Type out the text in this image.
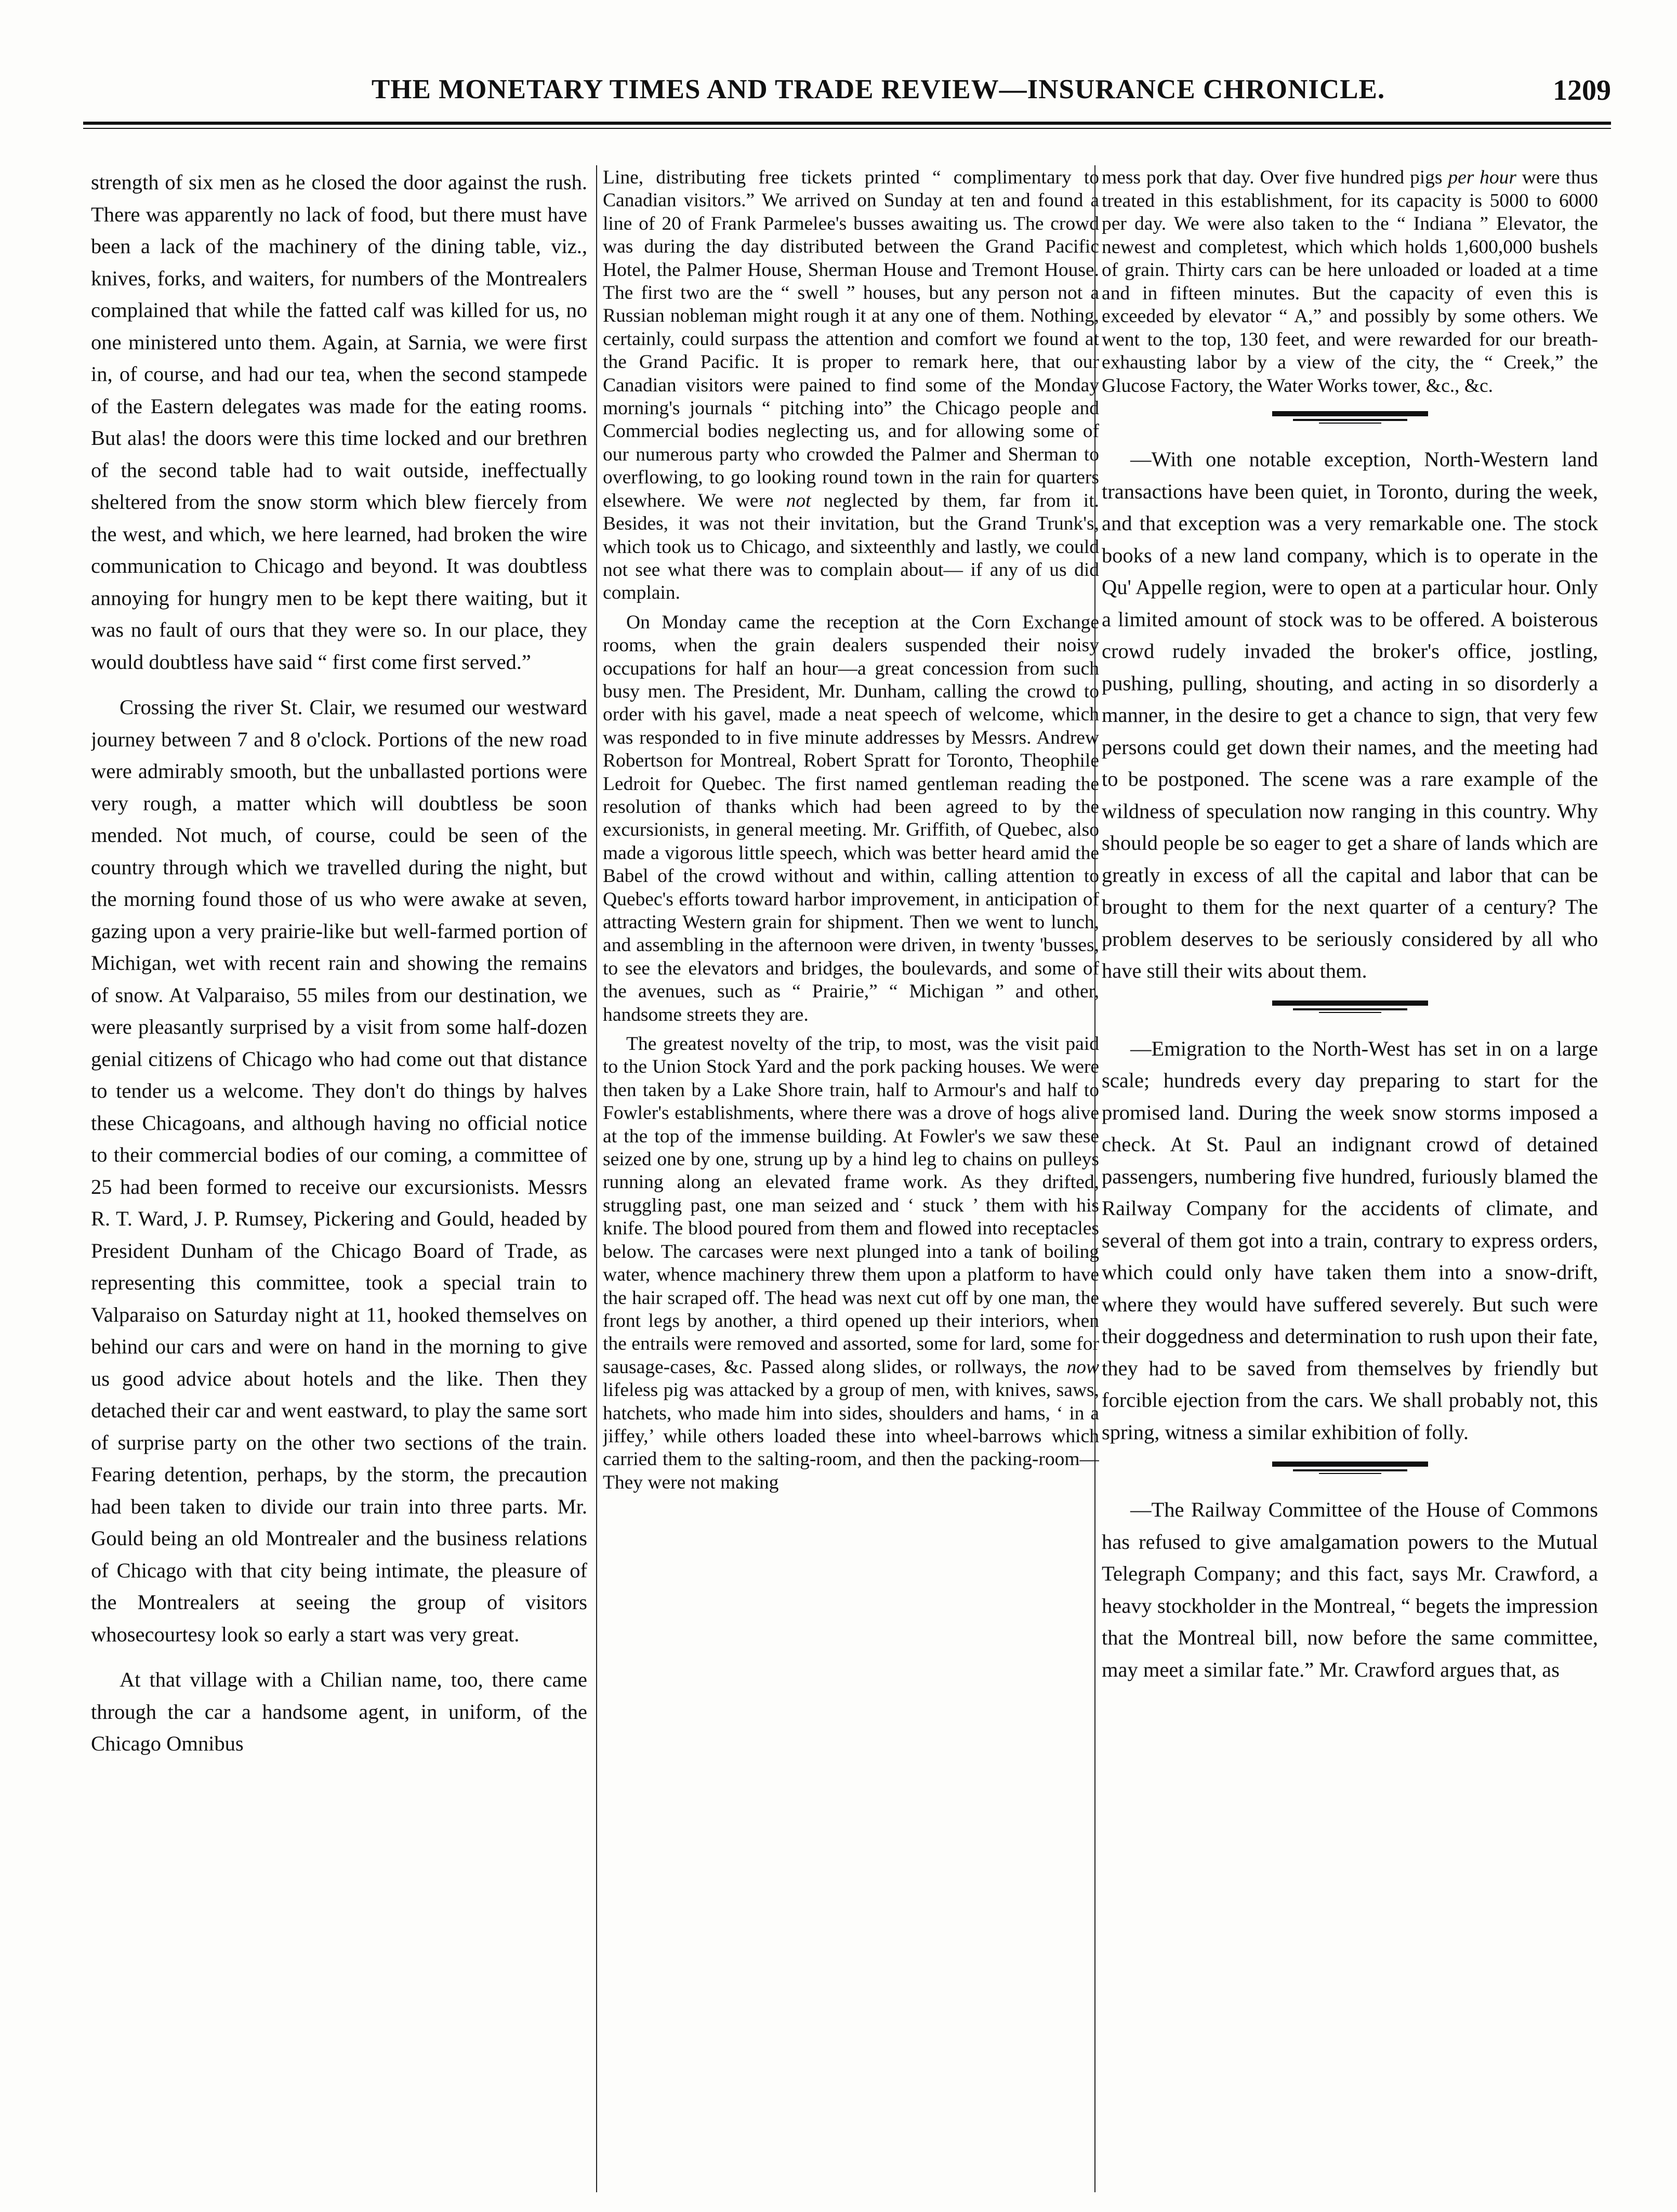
THE MONETARY TIMES AND TRADE REVIEW—INSURANCE CHRONICLE.	1209

strength of six men as he closed the door against the rush. There was apparently no lack of food, but there must have been a lack of the machinery of the dining table, viz., knives, forks, and waiters, for numbers of the Montrealers complained that while the fatted calf was killed for us, no one ministered unto them. Again, at Sarnia, we were first in, of course, and had our tea, when the second stampede of the Eastern delegates was made for the eating rooms. But alas! the doors were this time locked and our brethren of the second table had to wait outside, ineffectually sheltered from the snow storm which blew fiercely from the west, and which, we here learned, had broken the wire communication to Chicago and beyond. It was doubtless annoying for hungry men to be kept there waiting, but it was no fault of ours that they were so. In our place, they would doubtless have said “ first come first served.”

Crossing the river St. Clair, we resumed our westward journey between 7 and 8 o'clock. Portions of the new road were admirably smooth, but the unballasted portions were very rough, a matter which will doubtless be soon mended. Not much, of course, could be seen of the country through which we travelled during the night, but the morning found those of us who were awake at seven, gazing upon a very prairie-like but well-farmed portion of Michigan, wet with recent rain and showing the remains of snow. At Valparaiso, 55 miles from our destination, we were pleasantly surprised by a visit from some half-dozen genial citizens of Chicago who had come out that distance to tender us a welcome. They don't do things by halves these Chicagoans, and although having no official notice to their commercial bodies of our coming, a committee of 25 had been formed to receive our excursionists. Messrs R. T. Ward, J. P. Rumsey, Pickering and Gould, headed by President Dunham of the Chicago Board of Trade, as representing this committee, took a special train to Valparaiso on Saturday night at 11, hooked themselves on behind our cars and were on hand in the morning to give us good advice about hotels and the like. Then they detached their car and went eastward, to play the same sort of surprise party on the other two sections of the train. Fearing detention, perhaps, by the storm, the precaution had been taken to divide our train into three parts. Mr. Gould being an old Montrealer and the business relations of Chicago with that city being intimate, the pleasure of the Montrealers at seeing the group of visitors whosecourtesy look so early a start was very great.

At that village with a Chilian name, too, there came through the car a handsome agent, in uniform, of the Chicago Omnibus

Line, distributing free tickets printed “ complimentary to Canadian visitors.” We arrived on Sunday at ten and found a line of 20 of Frank Parmelee's busses awaiting us. The crowd was during the day distributed between the Grand Pacific Hotel, the Palmer House, Sherman House and Tremont House. The first two are the “ swell ” houses, but any person not a Russian nobleman might rough it at any one of them. Nothing, certainly, could surpass the attention and comfort we found at the Grand Pacific. It is proper to remark here, that our Canadian visitors were pained to find some of the Monday morning's journals “ pitching into” the Chicago people and Commercial bodies neglecting us, and for allowing some of our numerous party who crowded the Palmer and Sherman to overflowing, to go looking round town in the rain for quarters elsewhere. We were not neglected by them, far from it. Besides, it was not their invitation, but the Grand Trunk's, which took us to Chicago, and sixteenthly and lastly, we could not see what there was to complain about— if any of us did complain.

On Monday came the reception at the Corn Exchange rooms, when the grain dealers suspended their noisy occupations for half an hour—a great concession from such busy men. The President, Mr. Dunham, calling the crowd to order with his gavel, made a neat speech of welcome, which was responded to in five minute addresses by Messrs. Andrew Robertson for Montreal, Robert Spratt for Toronto, Theophile Ledroit for Quebec. The first named gentleman reading the resolution of thanks which had been agreed to by the excursionists, in general meeting. Mr. Griffith, of Quebec, also made a vigorous little speech, which was better heard amid the Babel of the crowd without and within, calling attention to Quebec's efforts toward harbor improvement, in anticipation of attracting Western grain for shipment. Then we went to lunch, and assembling in the afternoon were driven, in twenty 'busses, to see the elevators and bridges, the boulevards, and some of the avenues, such as “ Prairie,” “ Michigan ” and other, handsome streets they are.

The greatest novelty of the trip, to most, was the visit paid to the Union Stock Yard and the pork packing houses. We were then taken by a Lake Shore train, half to Armour's and half to Fowler's establishments, where there was a drove of hogs alive at the top of the immense building. At Fowler's we saw these seized one by one, strung up by a hind leg to chains on pulleys running along an elevated frame work. As they drifted, struggling past, one man seized and ‘ stuck ’ them with his knife. The blood poured from them and flowed into receptacles below. The carcases were next plunged into a tank of boiling water, whence machinery threw them upon a platform to have the hair scraped off. The head was next cut off by one man, the front legs by another, a third opened up their interiors, when the entrails were removed and assorted, some for lard, some for sausage-cases, &c. Passed along slides, or rollways, the now lifeless pig was attacked by a group of men, with knives, saws, hatchets, who made him into sides, shoulders and hams, ‘ in a jiffey,’ while others loaded these into wheel-barrows which carried them to the salting-room, and then the packing-room—They were not making

mess pork that day. Over five hundred pigs per hour were thus treated in this establishment, for its capacity is 5000 to 6000 per day. We were also taken to the “ Indiana ” Elevator, the newest and completest, which which holds 1,600,000 bushels of grain. Thirty cars can be here unloaded or loaded at a time and in fifteen minutes. But the capacity of even this is exceeded by elevator “ A,” and possibly by some others. We went to the top, 130 feet, and were rewarded for our breath-exhausting labor by a view of the city, the “ Creek,” the Glucose Factory, the Water Works tower, &c., &c.

—With one notable exception, North-Western land transactions have been quiet, in Toronto, during the week, and that exception was a very remarkable one. The stock books of a new land company, which is to operate in the Qu' Appelle region, were to open at a particular hour. Only a limited amount of stock was to be offered. A boisterous crowd rudely invaded the broker's office, jostling, pushing, pulling, shouting, and acting in so disorderly a manner, in the desire to get a chance to sign, that very few persons could get down their names, and the meeting had to be postponed. The scene was a rare example of the wildness of speculation now ranging in this country. Why should people be so eager to get a share of lands which are greatly in excess of all the capital and labor that can be brought to them for the next quarter of a century? The problem deserves to be seriously considered by all who have still their wits about them.

—Emigration to the North-West has set in on a large scale; hundreds every day preparing to start for the promised land. During the week snow storms imposed a check. At St. Paul an indignant crowd of detained passengers, numbering five hundred, furiously blamed the Railway Company for the accidents of climate, and several of them got into a train, contrary to express orders, which could only have taken them into a snow-drift, where they would have suffered severely. But such were their doggedness and determination to rush upon their fate, they had to be saved from themselves by friendly but forcible ejection from the cars. We shall probably not, this spring, witness a similar exhibition of folly.

—The Railway Committee of the House of Commons has refused to give amalgamation powers to the Mutual Telegraph Company; and this fact, says Mr. Crawford, a heavy stockholder in the Montreal, “ begets the impression that the Montreal bill, now before the same committee, may meet a similar fate.” Mr. Crawford argues that, as
